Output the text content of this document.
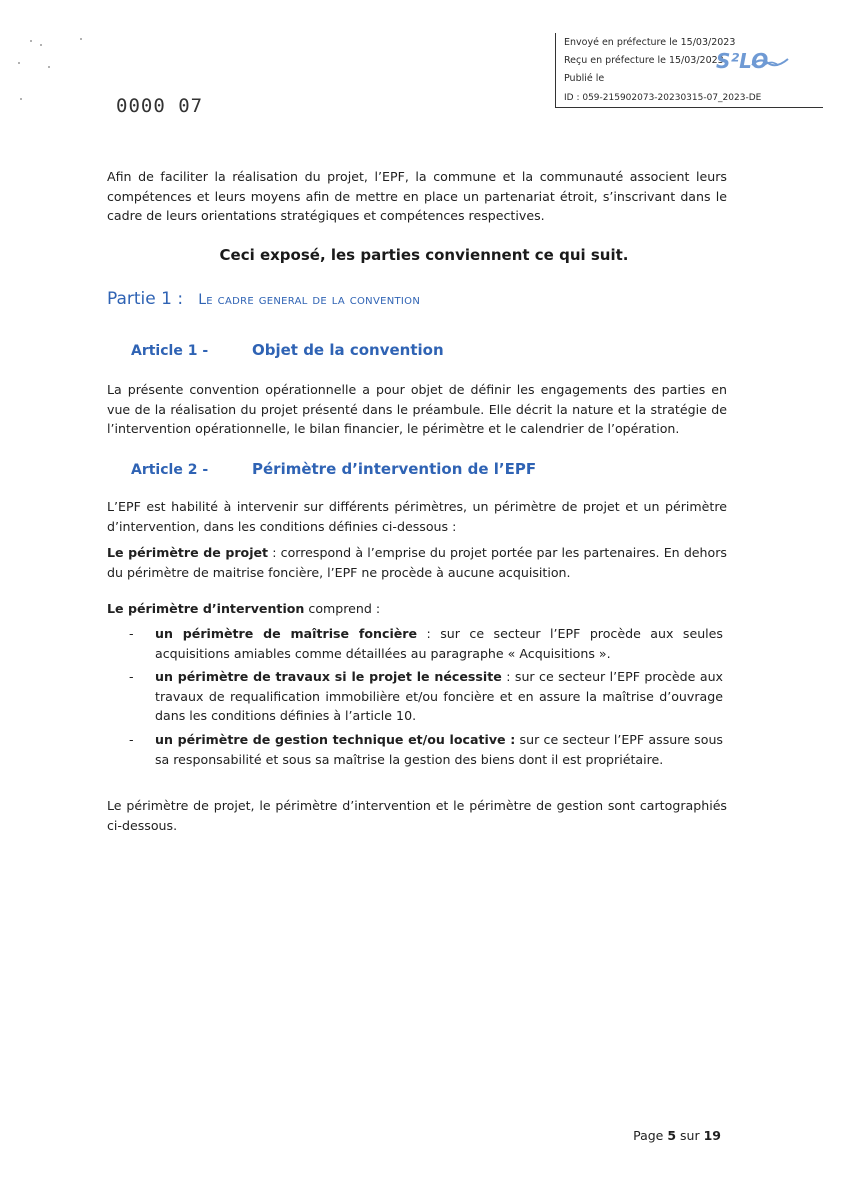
Envoyé en préfecture le 15/03/2023
Reçu en préfecture le 15/03/2023
Publié le
ID : 059-215902073-20230315-07_2023-DE
S²LO
0000 07

Afin de faciliter la réalisation du projet, l’EPF, la commune et la communauté associent leurs compétences et leurs moyens afin de mettre en place un partenariat étroit, s’inscrivant dans le cadre de leurs orientations stratégiques et compétences respectives.

Ceci exposé, les parties conviennent ce qui suit.
Partie 1 : Le cadre general de la convention
Article 1 -	Objet de la convention

La présente convention opérationnelle a pour objet de définir les engagements des parties en vue de la réalisation du projet présenté dans le préambule. Elle décrit la nature et la stratégie de l’intervention opérationnelle, le bilan financier, le périmètre et le calendrier de l’opération.

Article 2 -	Périmètre d’intervention de l’EPF

L’EPF est habilité à intervenir sur différents périmètres, un périmètre de projet et un périmètre d’intervention, dans les conditions définies ci-dessous :

Le périmètre de projet : correspond à l’emprise du projet portée par les partenaires. En dehors du périmètre de maitrise foncière, l’EPF ne procède à aucune acquisition.

Le périmètre d’intervention comprend :

- un périmètre de maîtrise foncière : sur ce secteur l’EPF procède aux seules acquisitions amiables comme détaillées au paragraphe « Acquisitions ».
- un périmètre de travaux si le projet le nécessite : sur ce secteur l’EPF procède aux travaux de requalification immobilière et/ou foncière et en assure la maîtrise d’ouvrage dans les conditions définies à l’article 10.
- un périmètre de gestion technique et/ou locative : sur ce secteur l’EPF assure sous sa responsabilité et sous sa maîtrise la gestion des biens dont il est propriétaire.

Le périmètre de projet, le périmètre d’intervention et le périmètre de gestion sont cartographiés ci-dessous.

Page 5 sur 19
